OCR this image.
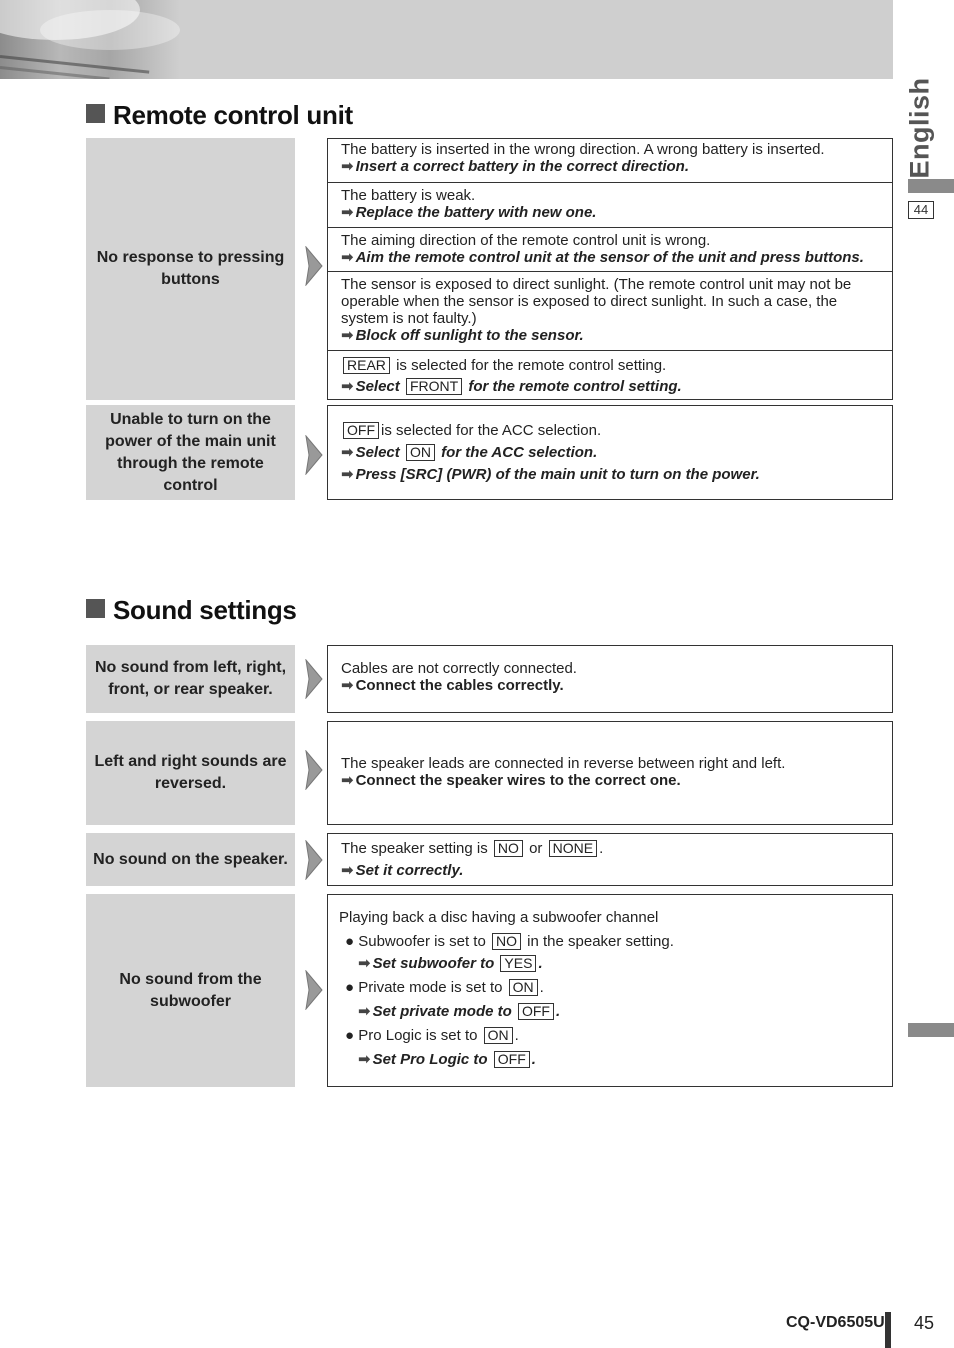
English
44
Remote control unit
No response to pressing buttons
The battery is inserted in the wrong direction. A wrong battery is inserted.
➡ Insert a correct battery in the correct direction.
The battery is weak.
➡ Replace the battery with new one.
The aiming direction of the remote control unit is wrong.
➡ Aim the remote control unit at the sensor of the unit and press buttons.
The sensor is exposed to direct sunlight. (The remote control unit may not be operable when the sensor is exposed to direct sunlight. In such a case, the system is not faulty.)
➡ Block off sunlight to the sensor.
REAR is selected for the remote control setting.
➡ Select FRONT for the remote control setting.
Unable to turn on the power of the main unit through the remote control
OFF is selected for the ACC selection.
➡ Select ON for the ACC selection.
➡ Press [SRC] (PWR) of the main unit to turn on the power.
Sound settings
No sound from left, right, front, or rear speaker.
Cables are not correctly connected.
➡ Connect the cables correctly.
Left and right sounds are reversed.
The speaker leads are connected in reverse between right and left.
➡ Connect the speaker wires to the correct one.
No sound on the speaker.
The speaker setting is NO or NONE .
➡ Set it correctly.
No sound from the subwoofer
Playing back a disc having a subwoofer channel
● Subwoofer is set to NO in the speaker setting.
➡ Set subwoofer to YES .
● Private mode is set to ON .
➡ Set private mode to OFF .
● Pro Logic is set to ON .
➡ Set Pro Logic to OFF .
CQ-VD6505U 45
